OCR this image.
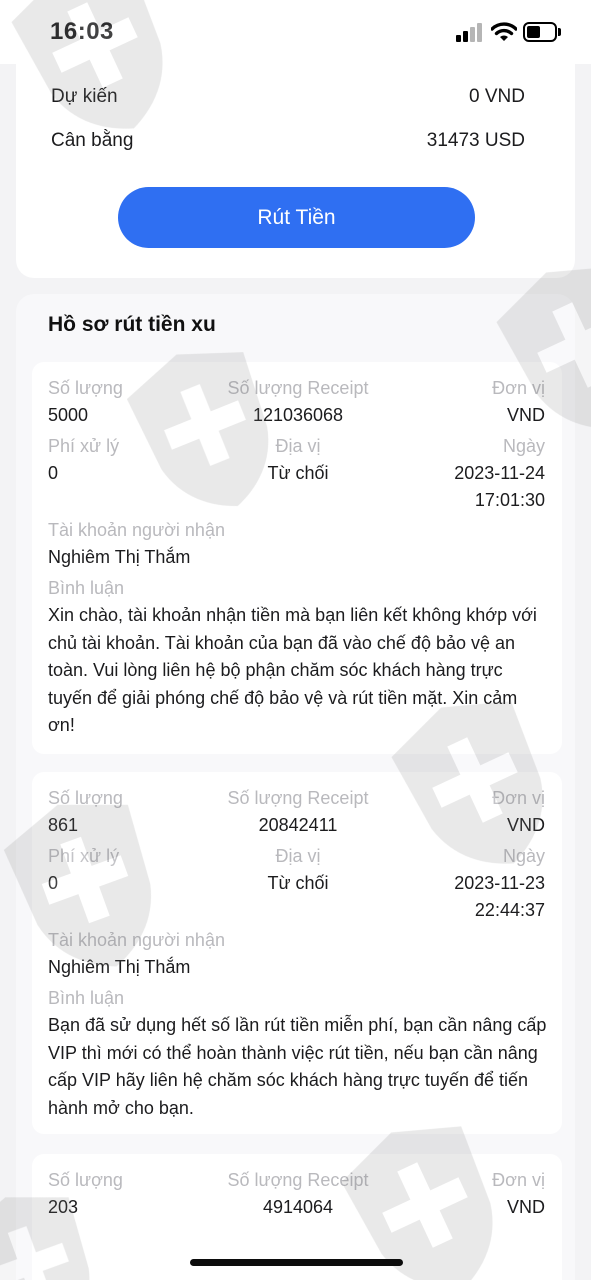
16:03
Dự kiến	0 VND
Cân bằng	31473 USD
Rút Tiền
Hồ sơ rút tiền xu
Số lượng	Số lượng Receipt	Đơn vị
5000	121036068	VND
Phí xử lý	Địa vị	Ngày
0	Từ chối	2023-11-24
17:01:30
Tài khoản người nhận
Nghiêm Thị Thắm
Bình luận
Xin chào, tài khoản nhận tiền mà bạn liên kết không khớp với chủ tài khoản. Tài khoản của bạn đã vào chế độ bảo vệ an toàn. Vui lòng liên hệ bộ phận chăm sóc khách hàng trực tuyến để giải phóng chế độ bảo vệ và rút tiền mặt. Xin cảm ơn!
Số lượng	Số lượng Receipt	Đơn vị
861	20842411	VND
Phí xử lý	Địa vị	Ngày
0	Từ chối	2023-11-23
22:44:37
Tài khoản người nhận
Nghiêm Thị Thắm
Bình luận
Bạn đã sử dụng hết số lần rút tiền miễn phí, bạn cần nâng cấp VIP thì mới có thể hoàn thành việc rút tiền, nếu bạn cần nâng cấp VIP hãy liên hệ chăm sóc khách hàng trực tuyến để tiến hành mở cho bạn.
Số lượng	Số lượng Receipt	Đơn vị
203	4914064	VND
